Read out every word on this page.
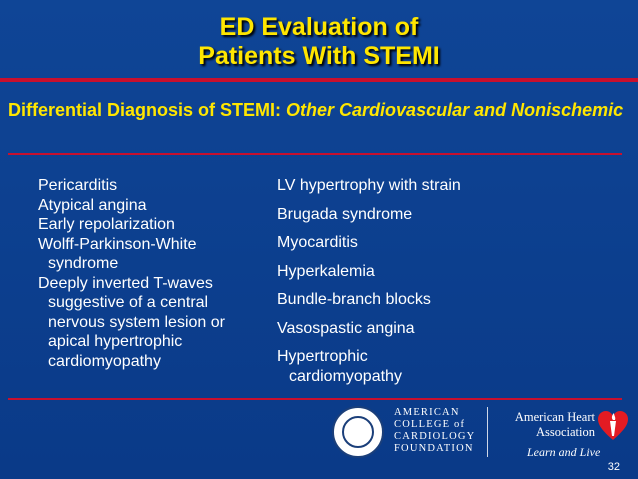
ED Evaluation of
Patients With STEMI
Differential Diagnosis of STEMI: Other Cardiovascular and Nonischemic
Pericarditis
Atypical angina
Early repolarization
Wolff-Parkinson-White
syndrome
Deeply inverted T-waves
suggestive of a central nervous system lesion or apical hypertrophic cardiomyopathy
LV hypertrophy with strain
Brugada syndrome
Myocarditis
Hyperkalemia
Bundle-branch blocks
Vasospastic angina
Hypertrophic
cardiomyopathy
AMERICAN
COLLEGE of
CARDIOLOGY
FOUNDATION
American Heart
Association
Learn and Live
32
